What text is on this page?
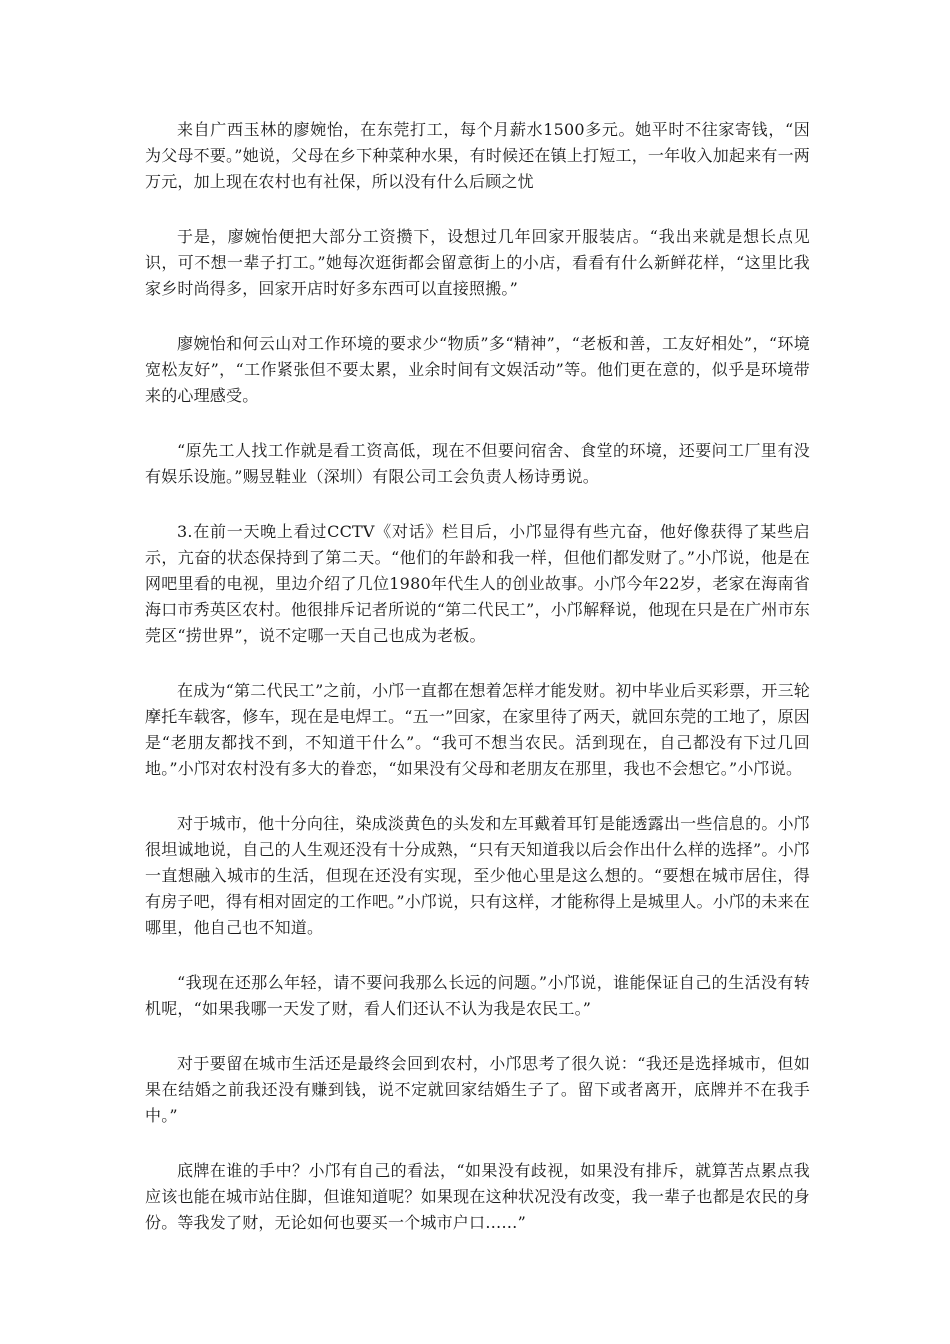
来自广西玉林的廖婉怡，在东莞打工，每个月薪水1500多元。她平时不往家寄钱，“因为父母不要。”她说，父母在乡下种菜种水果，有时候还在镇上打短工，一年收入加起来有一两万元，加上现在农村也有社保，所以没有什么后顾之忧

于是，廖婉怡便把大部分工资攒下，设想过几年回家开服装店。“我出来就是想长点见识，可不想一辈子打工。”她每次逛街都会留意街上的小店，看看有什么新鲜花样，“这里比我家乡时尚得多，回家开店时好多东西可以直接照搬。”

廖婉怡和何云山对工作环境的要求少“物质”多“精神”，“老板和善，工友好相处”，“环境宽松友好”，“工作紧张但不要太累，业余时间有文娱活动”等。他们更在意的，似乎是环境带来的心理感受。

“原先工人找工作就是看工资高低，现在不但要问宿舍、食堂的环境，还要问工厂里有没有娱乐设施。”赐昱鞋业（深圳）有限公司工会负责人杨诗勇说。

3.在前一天晚上看过CCTV《对话》栏目后，小邝显得有些亢奋，他好像获得了某些启示，亢奋的状态保持到了第二天。“他们的年龄和我一样，但他们都发财了。”小邝说，他是在网吧里看的电视，里边介绍了几位1980年代生人的创业故事。小邝今年22岁，老家在海南省海口市秀英区农村。他很排斥记者所说的“第二代民工”，小邝解释说，他现在只是在广州市东莞区“捞世界”，说不定哪一天自己也成为老板。

在成为“第二代民工”之前，小邝一直都在想着怎样才能发财。初中毕业后买彩票，开三轮摩托车载客，修车，现在是电焊工。“五一”回家，在家里待了两天，就回东莞的工地了，原因是“老朋友都找不到，不知道干什么”。“我可不想当农民。活到现在，自己都没有下过几回地。”小邝对农村没有多大的眷恋，“如果没有父母和老朋友在那里，我也不会想它。”小邝说。

对于城市，他十分向往，染成淡黄色的头发和左耳戴着耳钉是能透露出一些信息的。小邝很坦诚地说，自己的人生观还没有十分成熟，“只有天知道我以后会作出什么样的选择”。小邝一直想融入城市的生活，但现在还没有实现，至少他心里是这么想的。“要想在城市居住，得有房子吧，得有相对固定的工作吧。”小邝说，只有这样，才能称得上是城里人。小邝的未来在哪里，他自己也不知道。

“我现在还那么年轻，请不要问我那么长远的问题。”小邝说，谁能保证自己的生活没有转机呢，“如果我哪一天发了财，看人们还认不认为我是农民工。”

对于要留在城市生活还是最终会回到农村，小邝思考了很久说：“我还是选择城市，但如果在结婚之前我还没有赚到钱，说不定就回家结婚生子了。留下或者离开，底牌并不在我手中。”

底牌在谁的手中？小邝有自己的看法，“如果没有歧视，如果没有排斥，就算苦点累点我应该也能在城市站住脚，但谁知道呢？如果现在这种状况没有改变，我一辈子也都是农民的身份。等我发了财，无论如何也要买一个城市户口……”
